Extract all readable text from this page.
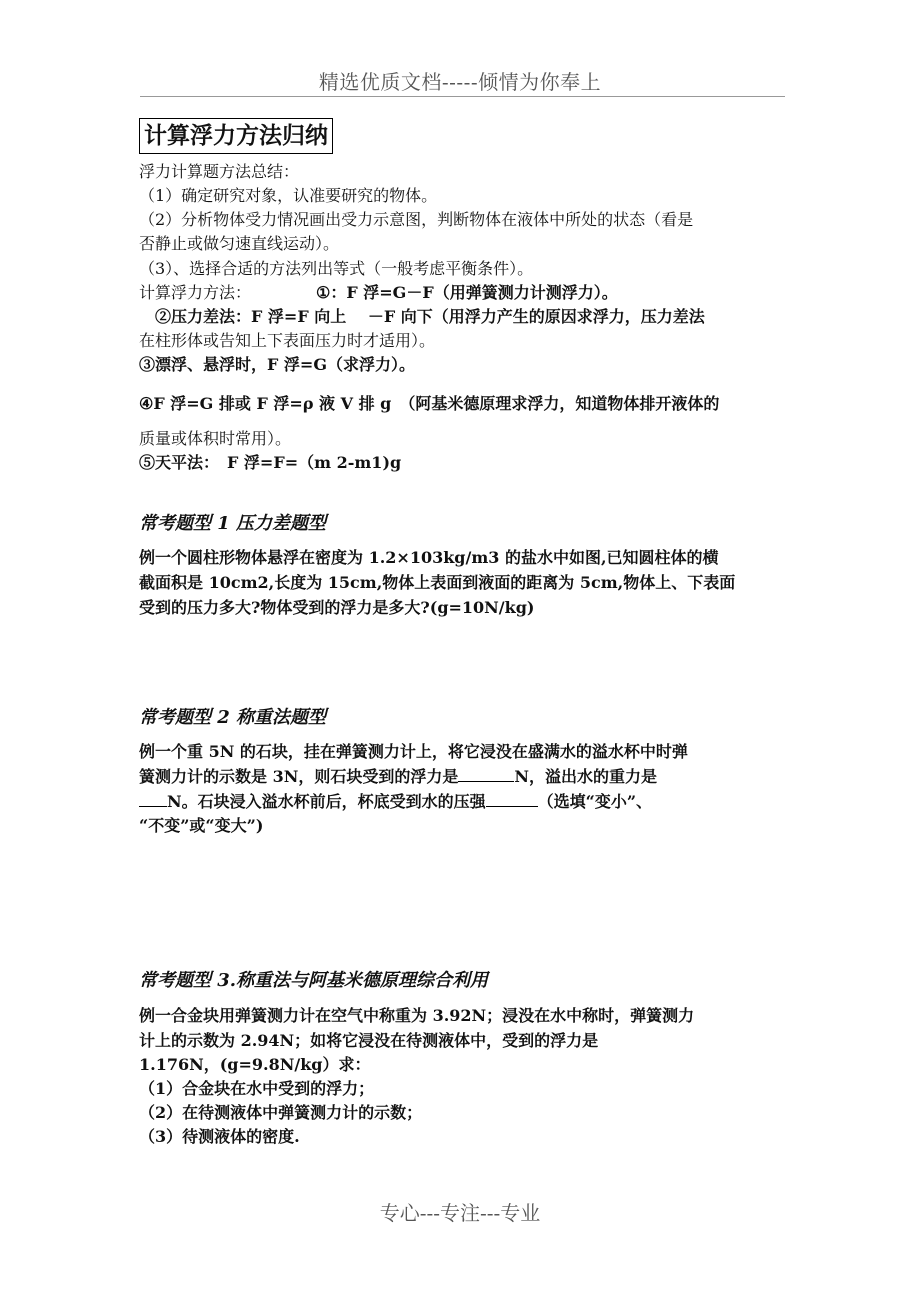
精选优质文档-----倾情为你奉上
计算浮力方法归纳
浮力计算题方法总结：
（1）确定研究对象，认准要研究的物体。
（2）分析物体受力情况画出受力示意图，判断物体在液体中所处的状态（看是
否静止或做匀速直线运动）。
（3）、选择合适的方法列出等式（一般考虑平衡条件）。
计算浮力方法：	①：F 浮=G－F（用弹簧测力计测浮力）。
②压力差法：F 浮=F 向上　 －F 向下（用浮力产生的原因求浮力，压力差法
在柱形体或告知上下表面压力时才适用）。
③漂浮、悬浮时，F 浮=G（求浮力）。
④F 浮=G 排或 F 浮=ρ 液 V 排 g　（阿基米德原理求浮力，知道物体排开液体的
质量或体积时常用）。
⑤天平法：　F 浮=F=（m 2-m1)g
常考题型 1 压力差题型
例一个圆柱形物体悬浮在密度为 1.2×103kg/m3 的盐水中如图,已知圆柱体的横
截面积是 10cm2,长度为 15cm,物体上表面到液面的距离为 5cm,物体上、下表面
受到的压力多大?物体受到的浮力是多大?(g=10N/kg)
常考题型 2 称重法题型
例一个重 5N 的石块，挂在弹簧测力计上，将它浸没在盛满水的溢水杯中时弹
簧测力计的示数是 3N，则石块受到的浮力是	N，溢出水的重力是
N。石块浸入溢水杯前后，杯底受到水的压强	（选填“变小”、
“不变”或“变大”)
常考题型 3.称重法与阿基米德原理综合利用
例一合金块用弹簧测力计在空气中称重为 3.92N；浸没在水中称时，弹簧测力
计上的示数为 2.94N；如将它浸没在待测液体中，受到的浮力是
1.176N，(g=9.8N/kg）求：
（1）合金块在水中受到的浮力；
（2）在待测液体中弹簧测力计的示数；
（3）待测液体的密度.
专心---专注---专业
